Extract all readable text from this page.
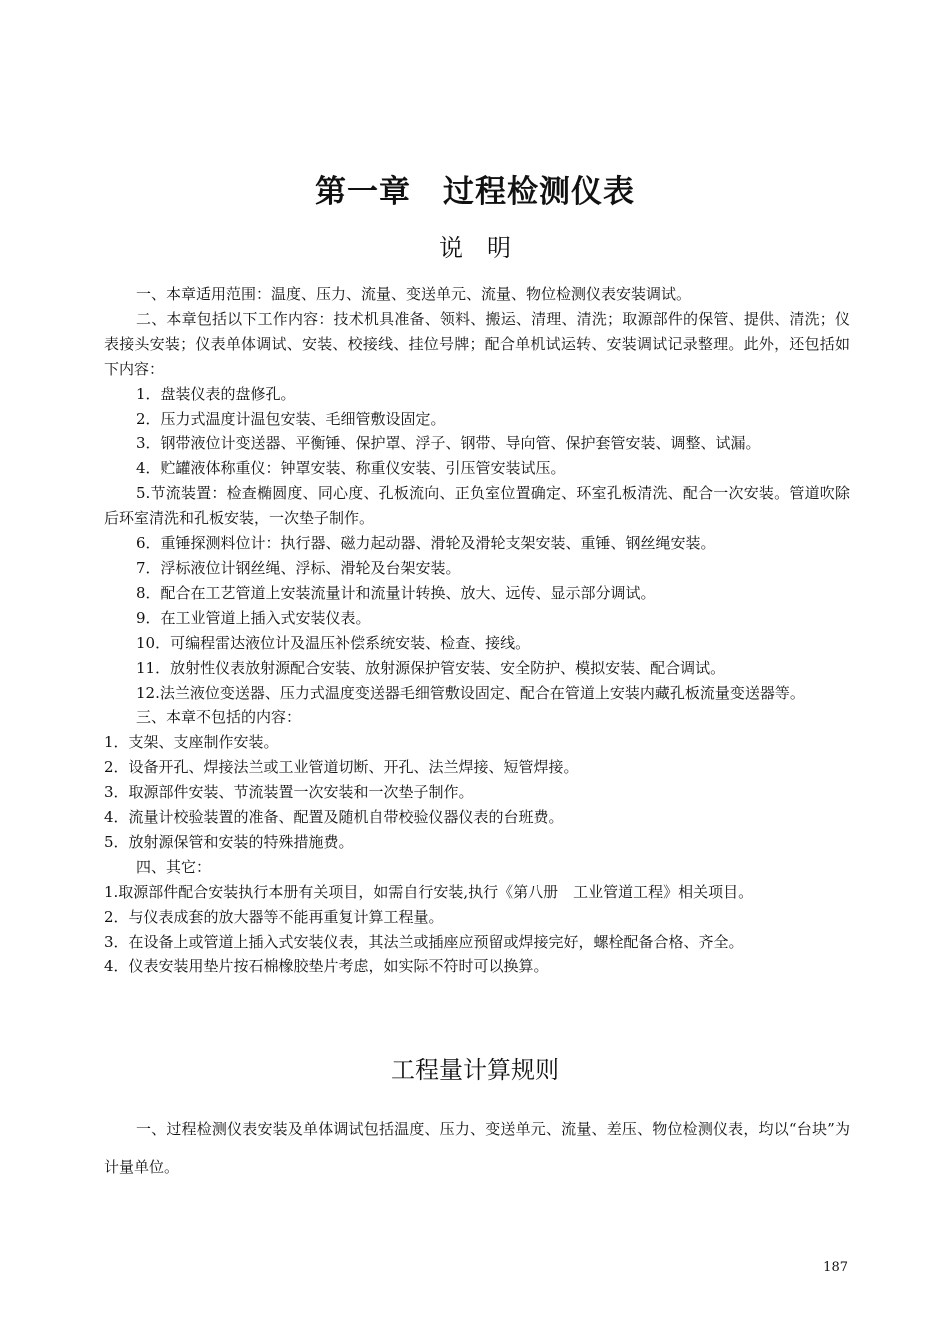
第一章　过程检测仪表
说　明

一、本章适用范围：温度、压力、流量、变送单元、流量、物位检测仪表安装调试。

二、本章包括以下工作内容：技术机具准备、领料、搬运、清理、清洗；取源部件的保管、提供、清洗；仪表接头安装；仪表单体调试、安装、校接线、挂位号牌；配合单机试运转、安装调试记录整理。此外，还包括如下内容：

1．盘装仪表的盘修孔。

2．压力式温度计温包安装、毛细管敷设固定。

3．钢带液位计变送器、平衡锤、保护罩、浮子、钢带、导向管、保护套管安装、调整、试漏。

4．贮罐液体称重仪：钟罩安装、称重仪安装、引压管安装试压。

5.节流装置：检查椭圆度、同心度、孔板流向、正负室位置确定、环室孔板清洗、配合一次安装。管道吹除后环室清洗和孔板安装，一次垫子制作。

6．重锤探测料位计：执行器、磁力起动器、滑轮及滑轮支架安装、重锤、钢丝绳安装。

7．浮标液位计钢丝绳、浮标、滑轮及台架安装。

8．配合在工艺管道上安装流量计和流量计转换、放大、远传、显示部分调试。

9．在工业管道上插入式安装仪表。

10．可编程雷达液位计及温压补偿系统安装、检查、接线。

11．放射性仪表放射源配合安装、放射源保护管安装、安全防护、模拟安装、配合调试。

12.法兰液位变送器、压力式温度变送器毛细管敷设固定、配合在管道上安装内藏孔板流量变送器等。

三、本章不包括的内容：

1．支架、支座制作安装。

2．设备开孔、焊接法兰或工业管道切断、开孔、法兰焊接、短管焊接。

3．取源部件安装、节流装置一次安装和一次垫子制作。

4．流量计校验装置的准备、配置及随机自带校验仪器仪表的台班费。

5．放射源保管和安装的特殊措施费。

四、其它：

1.取源部件配合安装执行本册有关项目，如需自行安装,执行《第八册　工业管道工程》相关项目。

2．与仪表成套的放大器等不能再重复计算工程量。

3．在设备上或管道上插入式安装仪表，其法兰或插座应预留或焊接完好，螺栓配备合格、齐全。

4．仪表安装用垫片按石棉橡胶垫片考虑，如实际不符时可以换算。

工程量计算规则

一、过程检测仪表安装及单体调试包括温度、压力、变送单元、流量、差压、物位检测仪表，均以“台块”为计量单位。

187
